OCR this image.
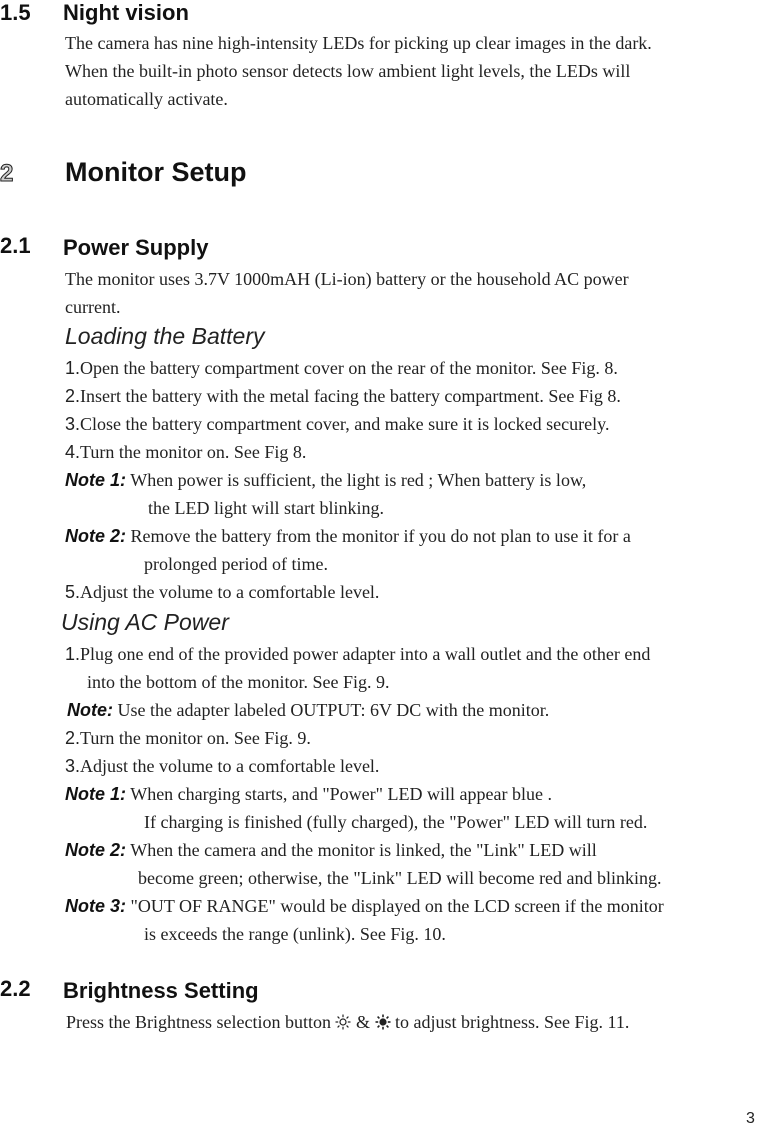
1.5 Night vision
The camera has nine high-intensity LEDs for picking up clear images in the dark.
When the built-in photo sensor detects low ambient light levels, the LEDs will
automatically activate.
2	Monitor Setup
2.1 Power Supply
The monitor uses 3.7V 1000mAH (Li-ion) battery or the household AC power
current.
Loading the Battery
1.Open the battery compartment cover on the rear of the monitor. See Fig. 8.
2.Insert the battery with the metal facing the battery compartment. See Fig 8.
3.Close the battery compartment cover, and make sure it is locked securely.
4.Turn the monitor on. See Fig 8.
Note 1: When power is sufficient, the light is red ; When battery is low,
the LED light will start blinking.
Note 2: Remove the battery from the monitor if you do not plan to use it for a
prolonged period of time.
5.Adjust the volume to a comfortable level.
Using AC Power
1.Plug one end of the provided power adapter into a wall outlet and the other end
into the bottom of the monitor. See Fig. 9.
Note: Use the adapter labeled OUTPUT: 6V DC with the monitor.
2.Turn the monitor on. See Fig. 9.
3.Adjust the volume to a comfortable level.
Note 1: When charging starts, and "Power" LED will appear blue .
If charging is finished (fully charged), the "Power" LED will turn red.
Note 2: When the camera and the monitor is linked, the "Link" LED will
become green; otherwise, the "Link" LED will become red and blinking.
Note 3: "OUT OF RANGE" would be displayed on the LCD screen if the monitor
is exceeds the range (unlink). See Fig. 10.
2.2 Brightness Setting
Press the Brightness selection button & to adjust brightness. See Fig. 11.
3
